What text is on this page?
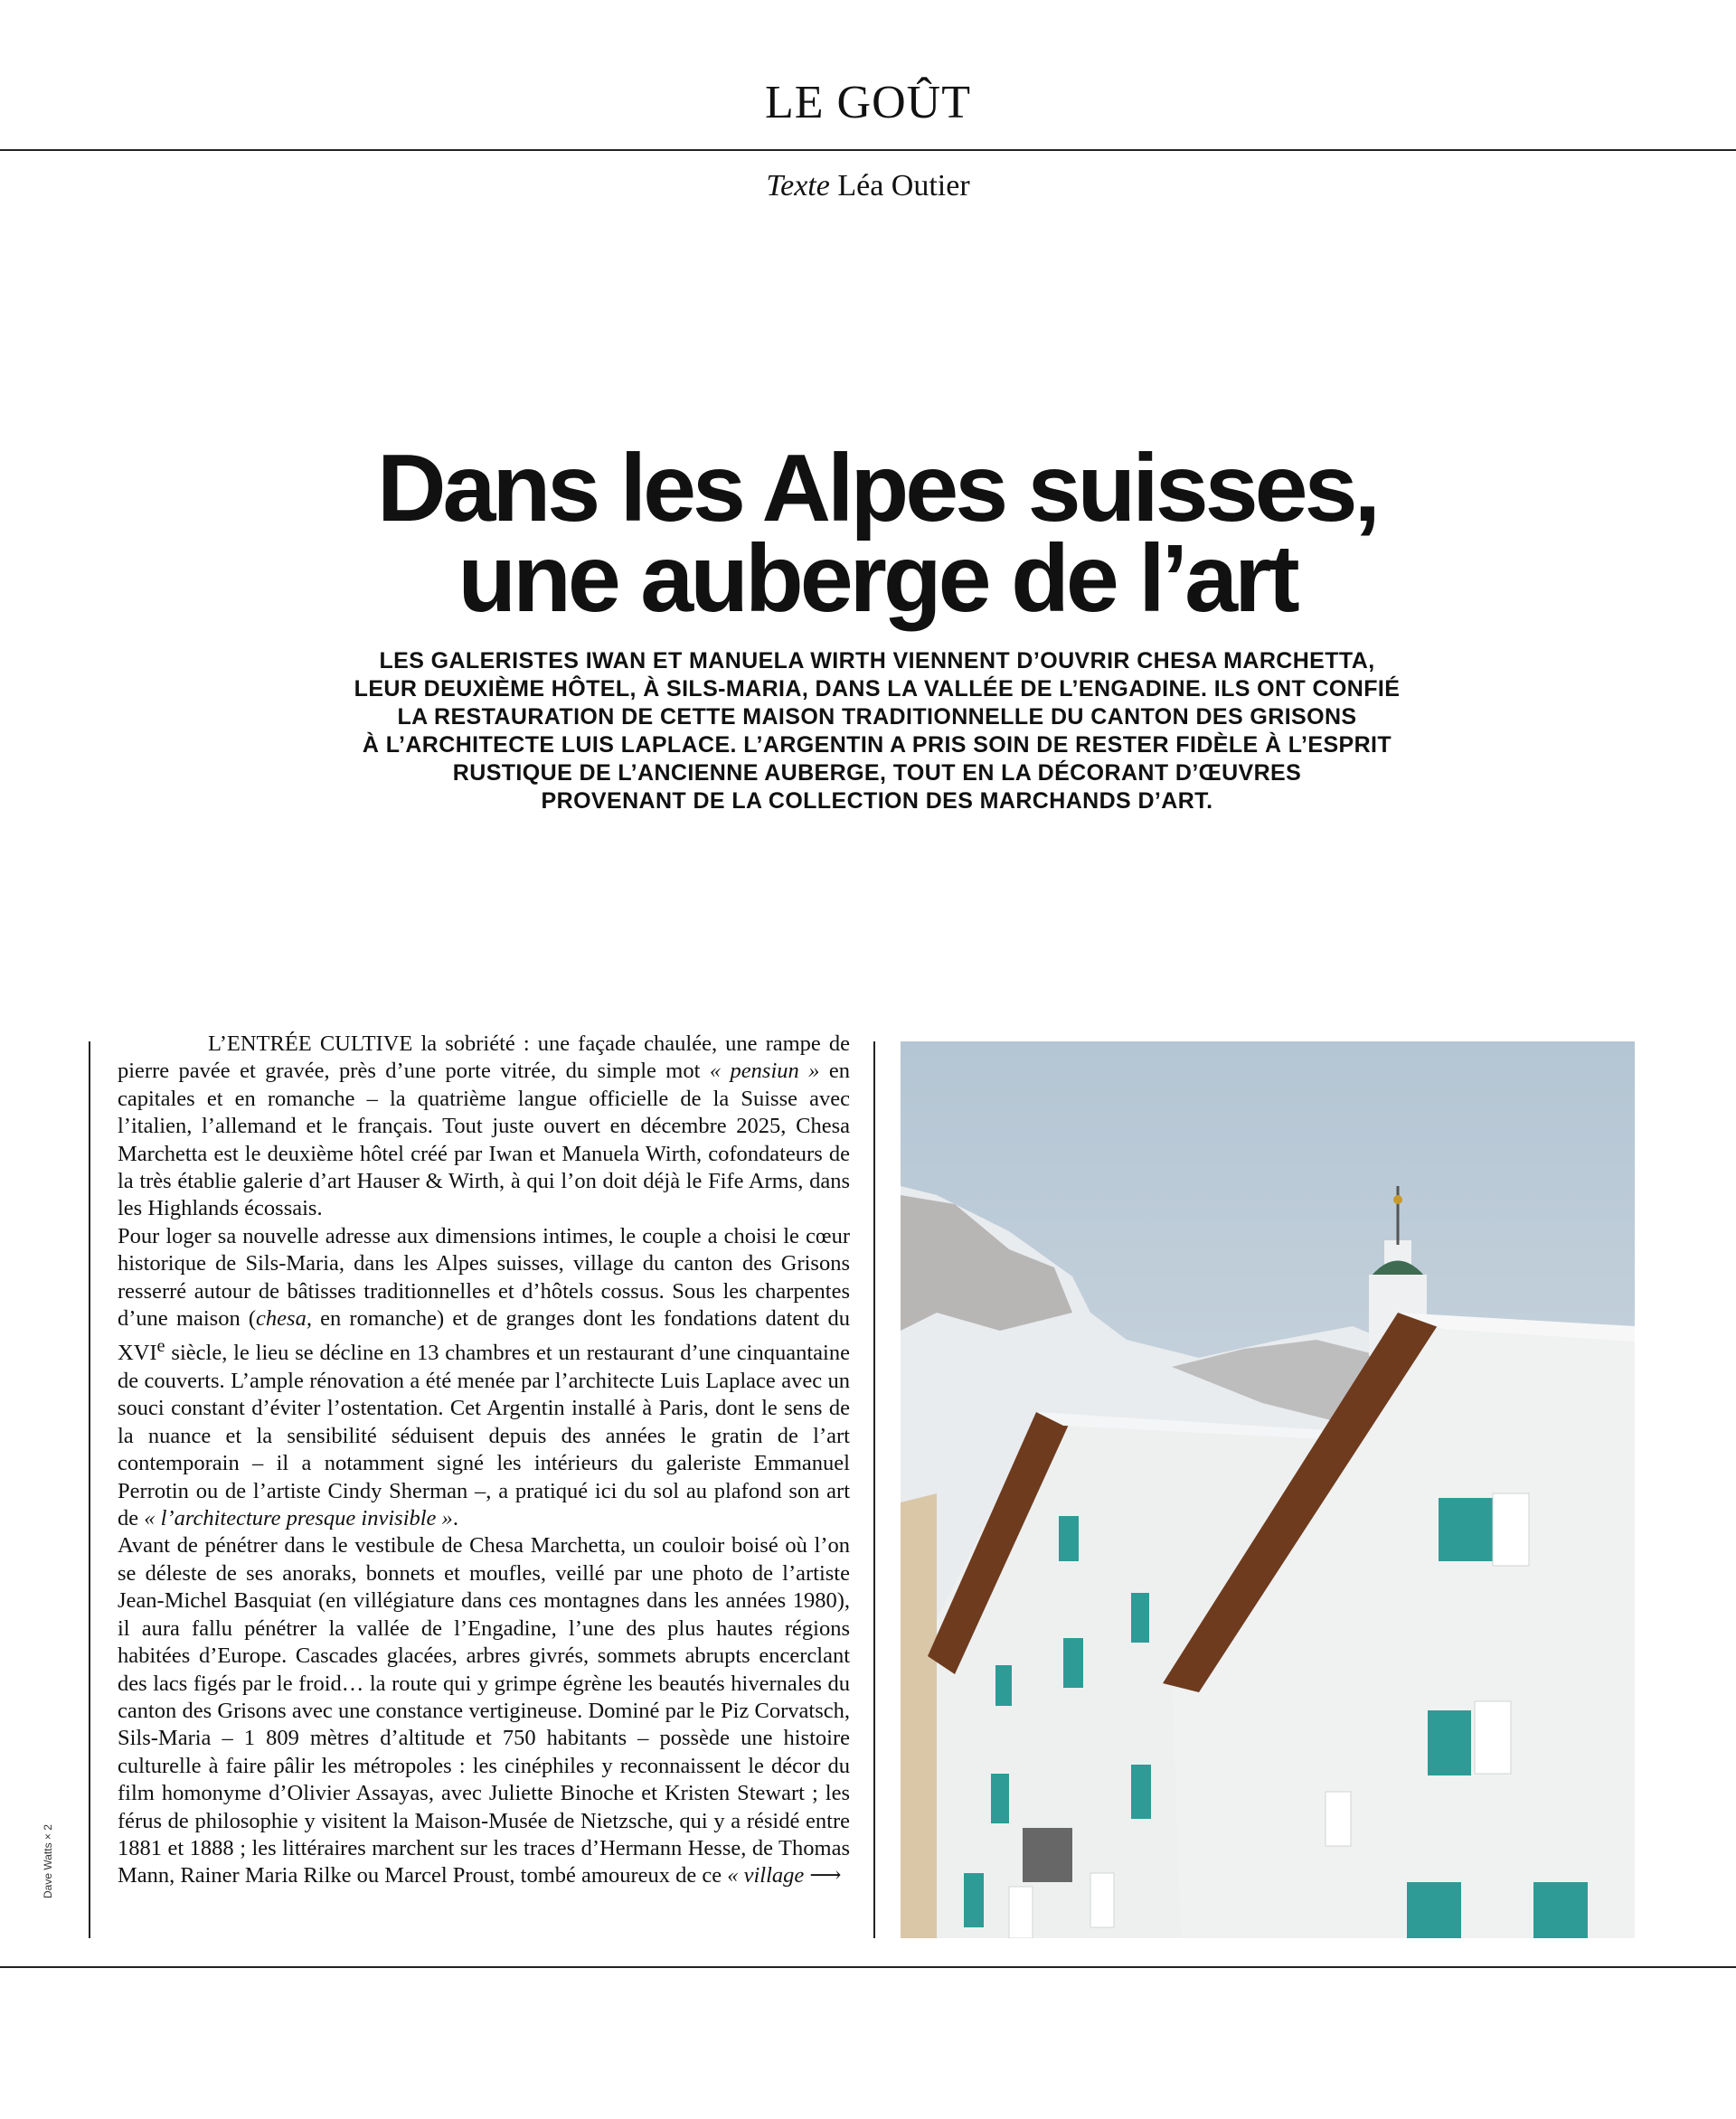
LE GOÛT
Texte Léa Outier
Dans les Alpes suisses,
une auberge de l’art
LES GALERISTES IWAN ET MANUELA WIRTH VIENNENT D’OUVRIR CHESA MARCHETTA,
LEUR DEUXIÈME HÔTEL, À SILS-MARIA, DANS LA VALLÉE DE L’ENGADINE. ILS ONT CONFIÉ
LA RESTAURATION DE CETTE MAISON TRADITIONNELLE DU CANTON DES GRISONS
À L’ARCHITECTE LUIS LAPLACE. L’ARGENTIN A PRIS SOIN DE RESTER FIDÈLE À L’ESPRIT
RUSTIQUE DE L’ANCIENNE AUBERGE, TOUT EN LA DÉCORANT D’ŒUVRES
PROVENANT DE LA COLLECTION DES MARCHANDS D’ART.

L’ENTRÉE CULTIVE la sobriété : une façade chaulée, une rampe de pierre pavée et gravée, près d’une porte vitrée, du simple mot « pensiun » en capitales et en romanche – la quatrième langue officielle de la Suisse avec l’italien, l’allemand et le français. Tout juste ouvert en décembre 2025, Chesa Marchetta est le deuxième hôtel créé par Iwan et Manuela Wirth, cofondateurs de la très établie galerie d’art Hauser & Wirth, à qui l’on doit déjà le Fife Arms, dans les Highlands écossais.

Pour loger sa nouvelle adresse aux dimensions intimes, le couple a choisi le cœur historique de Sils-Maria, dans les Alpes suisses, village du canton des Grisons resserré autour de bâtisses traditionnelles et d’hôtels cossus. Sous les charpentes d’une maison (chesa, en romanche) et de granges dont les fondations datent du XVIe siècle, le lieu se décline en 13 chambres et un restaurant d’une cinquantaine de couverts. L’ample rénovation a été menée par l’architecte Luis Laplace avec un souci constant d’éviter l’ostentation. Cet Argentin installé à Paris, dont le sens de la nuance et la sensibilité séduisent depuis des années le gratin de l’art contemporain – il a notamment signé les intérieurs du galeriste Emmanuel Perrotin ou de l’artiste Cindy Sherman –, a pratiqué ici du sol au plafond son art de « l’architecture presque invisible ».

Avant de pénétrer dans le vestibule de Chesa Marchetta, un couloir boisé où l’on se déleste de ses anoraks, bonnets et moufles, veillé par une photo de l’artiste Jean-Michel Basquiat (en villégiature dans ces montagnes dans les années 1980), il aura fallu pénétrer la vallée de l’Engadine, l’une des plus hautes régions habitées d’Europe. Cascades glacées, arbres givrés, sommets abrupts encerclant des lacs figés par le froid… la route qui y grimpe égrène les beautés hivernales du canton des Grisons avec une constance vertigineuse. Dominé par le Piz Corvatsch, Sils-Maria – 1 809 mètres d’altitude et 750 habitants – possède une histoire culturelle à faire pâlir les métropoles : les cinéphiles y reconnaissent le décor du film homonyme d’Olivier Assayas, avec Juliette Binoche et Kristen Stewart ; les férus de philosophie y visitent la Maison-Musée de Nietzsche, qui y a résidé entre 1881 et 1888 ; les littéraires marchent sur les traces d’Hermann Hesse, de Thomas Mann, Rainer Maria Rilke ou Marcel Proust, tombé amoureux de ce « village ⟶

Dave Watts × 2
